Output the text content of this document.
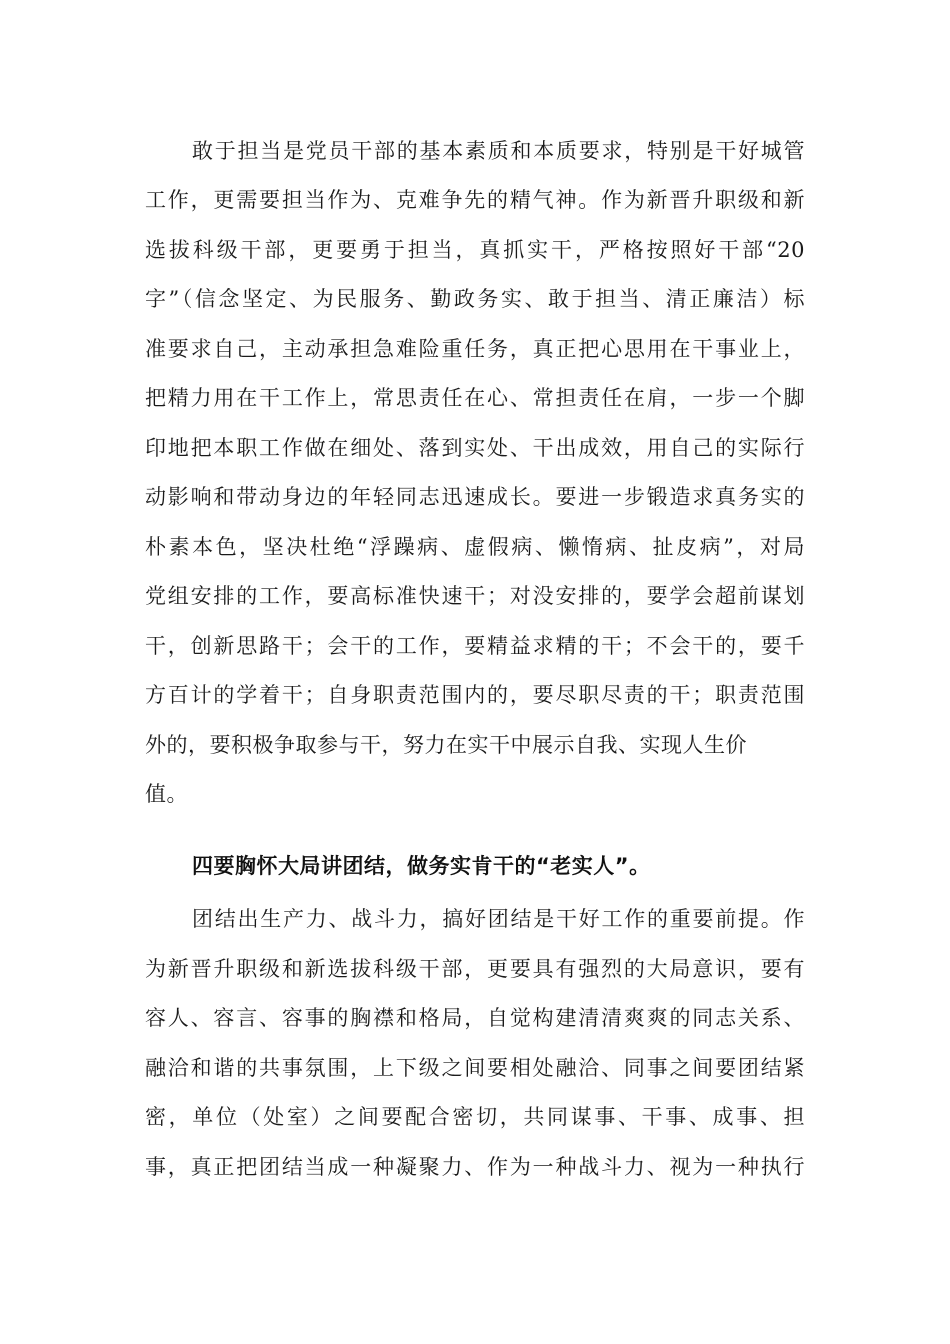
敢于担当是党员干部的基本素质和本质要求，特别是干好城管
工作，更需要担当作为、克难争先的精气神。作为新晋升职级和新
选拔科级干部，更要勇于担当，真抓实干，严格按照好干部“20
字”（信念坚定、为民服务、勤政务实、敢于担当、清正廉洁）标
准要求自己，主动承担急难险重任务，真正把心思用在干事业上，
把精力用在干工作上，常思责任在心、常担责任在肩，一步一个脚
印地把本职工作做在细处、落到实处、干出成效，用自己的实际行
动影响和带动身边的年轻同志迅速成长。要进一步锻造求真务实的
朴素本色，坚决杜绝“浮躁病、虚假病、懒惰病、扯皮病”，对局
党组安排的工作，要高标准快速干；对没安排的，要学会超前谋划
干，创新思路干；会干的工作，要精益求精的干；不会干的，要千
方百计的学着干；自身职责范围内的，要尽职尽责的干；职责范围
外的，要积极争取参与干，努力在实干中展示自我、实现人生价
值。
四要胸怀大局讲团结，做务实肯干的“老实人”。
团结出生产力、战斗力，搞好团结是干好工作的重要前提。作
为新晋升职级和新选拔科级干部，更要具有强烈的大局意识，要有
容人、容言、容事的胸襟和格局，自觉构建清清爽爽的同志关系、
融洽和谐的共事氛围，上下级之间要相处融洽、同事之间要团结紧
密，单位（处室）之间要配合密切，共同谋事、干事、成事、担
事，真正把团结当成一种凝聚力、作为一种战斗力、视为一种执行
